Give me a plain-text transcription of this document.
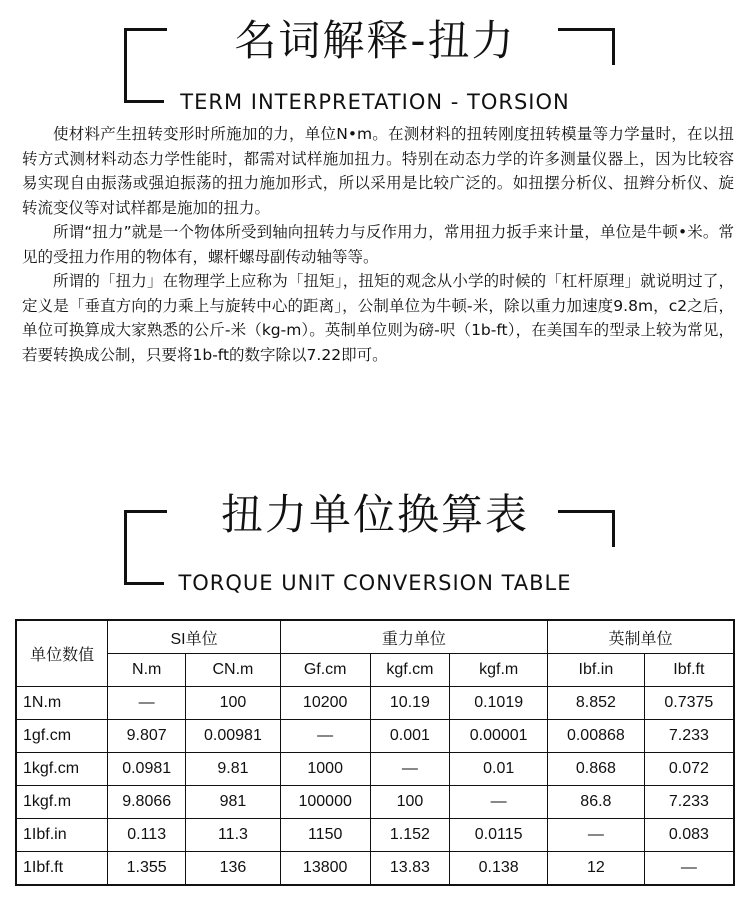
名词解释-扭力
TERM INTERPRETATION - TORSION

使材料产生扭转变形时所施加的力，单位N•m。在测材料的扭转刚度扭转模量等力学量时，在以扭转方式测材料动态力学性能时，都需对试样施加扭力。特别在动态力学的许多测量仪器上，因为比较容易实现自由振荡或强迫振荡的扭力施加形式，所以采用是比较广泛的。如扭摆分析仪、扭辫分析仪、旋转流变仪等对试样都是施加的扭力。

所谓“扭力”就是一个物体所受到轴向扭转力与反作用力，常用扭力扳手来计量，单位是牛顿•米。常见的受扭力作用的物体有，螺杆螺母副传动轴等等。

所谓的「扭力」在物理学上应称为「扭矩」，扭矩的观念从小学的时候的「杠杆原理」就说明过了，定义是「垂直方向的力乘上与旋转中心的距离」，公制单位为牛顿-米，除以重力加速度9.8m，c2之后，单位可换算成大家熟悉的公斤-米（kg-m）。英制单位则为磅-呎（1b-ft），在美国车的型录上较为常见，若要转换成公制，只要将1b-ft的数字除以7.22即可。

扭力单位换算表
TORQUE UNIT CONVERSION TABLE
单位数值	SI单位		重力单位			英制单位	
	N.m	CN.m	Gf.cm	kgf.cm	kgf.m	Ibf.in	Ibf.ft
1N.m	—	100	10200	10.19	0.1019	8.852	0.7375
1gf.cm	9.807	0.00981	—	0.001	0.00001	0.00868	7.233
1kgf.cm	0.0981	9.81	1000	—	0.01	0.868	0.072
1kgf.m	9.8066	981	100000	100	—	86.8	7.233
1Ibf.in	0.113	11.3	1150	1.152	0.0115	—	0.083
1Ibf.ft	1.355	136	13800	13.83	0.138	12	—
